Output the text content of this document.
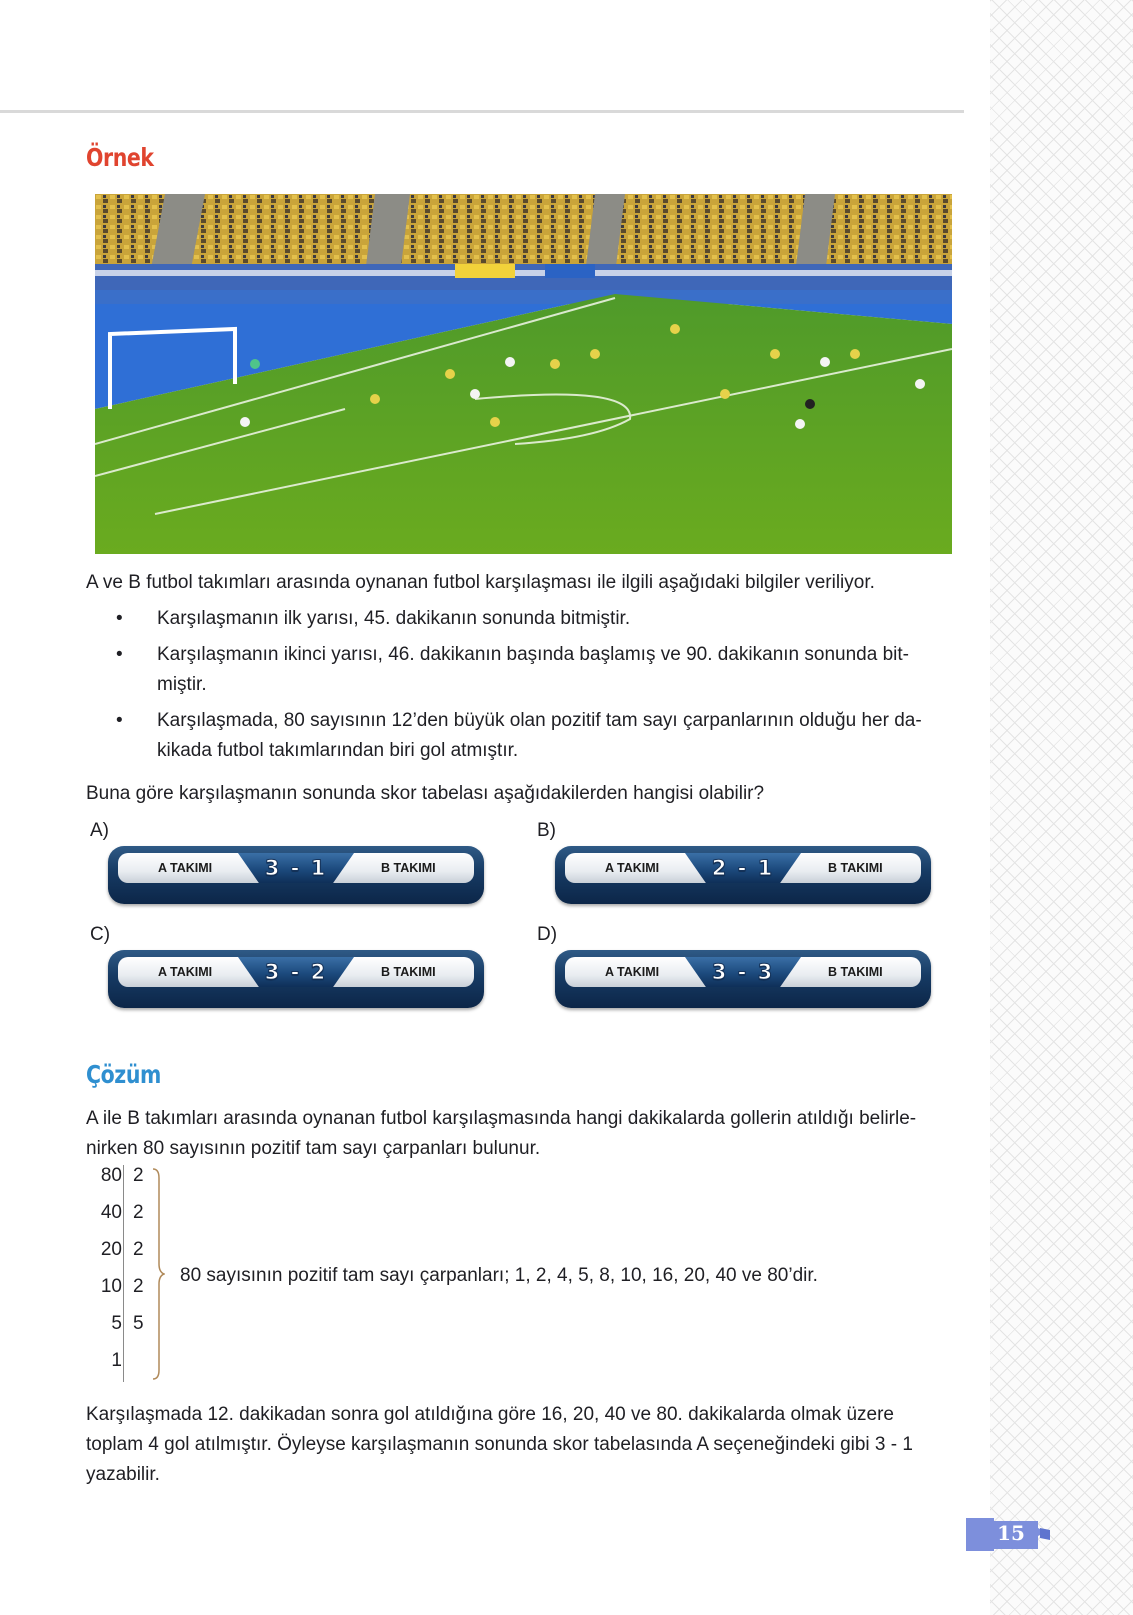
Örnek

A ve B futbol takımları arasında oynanan futbol karşılaşması ile ilgili aşağıdaki bilgiler veriliyor.

• Karşılaşmanın ilk yarısı, 45. dakikanın sonunda bitmiştir.
• Karşılaşmanın ikinci yarısı, 46. dakikanın başında başlamış ve 90. dakikanın sonunda bit-
miştir.
• Karşılaşmada, 80 sayısının 12’den büyük olan pozitif tam sayı çarpanlarının olduğu her da-
kikada futbol takımlarından biri gol atmıştır.

Buna göre karşılaşmanın sonunda skor tabelası aşağıdakilerden hangisi olabilir?

A)
A TAKIMI	3 - 1	B TAKIMI
B)
A TAKIMI	2 - 1	B TAKIMI
C)
A TAKIMI	3 - 2	B TAKIMI
D)
A TAKIMI	3 - 3	B TAKIMI
Çözüm

A ile B takımları arasında oynanan futbol karşılaşmasında hangi dakikalarda gollerin atıldığı belirle-

nirken 80 sayısının pozitif tam sayı çarpanları bulunur.

80 2
40 2
20 2
10 2
5 5
1

80 sayısının pozitif tam sayı çarpanları; 1, 2, 4, 5, 8, 10, 16, 20, 40 ve 80’dir.

Karşılaşmada 12. dakikadan sonra gol atıldığına göre 16, 20, 40 ve 80. dakikalarda olmak üzere

toplam 4 gol atılmıştır. Öyleyse karşılaşmanın sonunda skor tabelasında A seçeneğindeki gibi 3 - 1

yazabilir.

15
